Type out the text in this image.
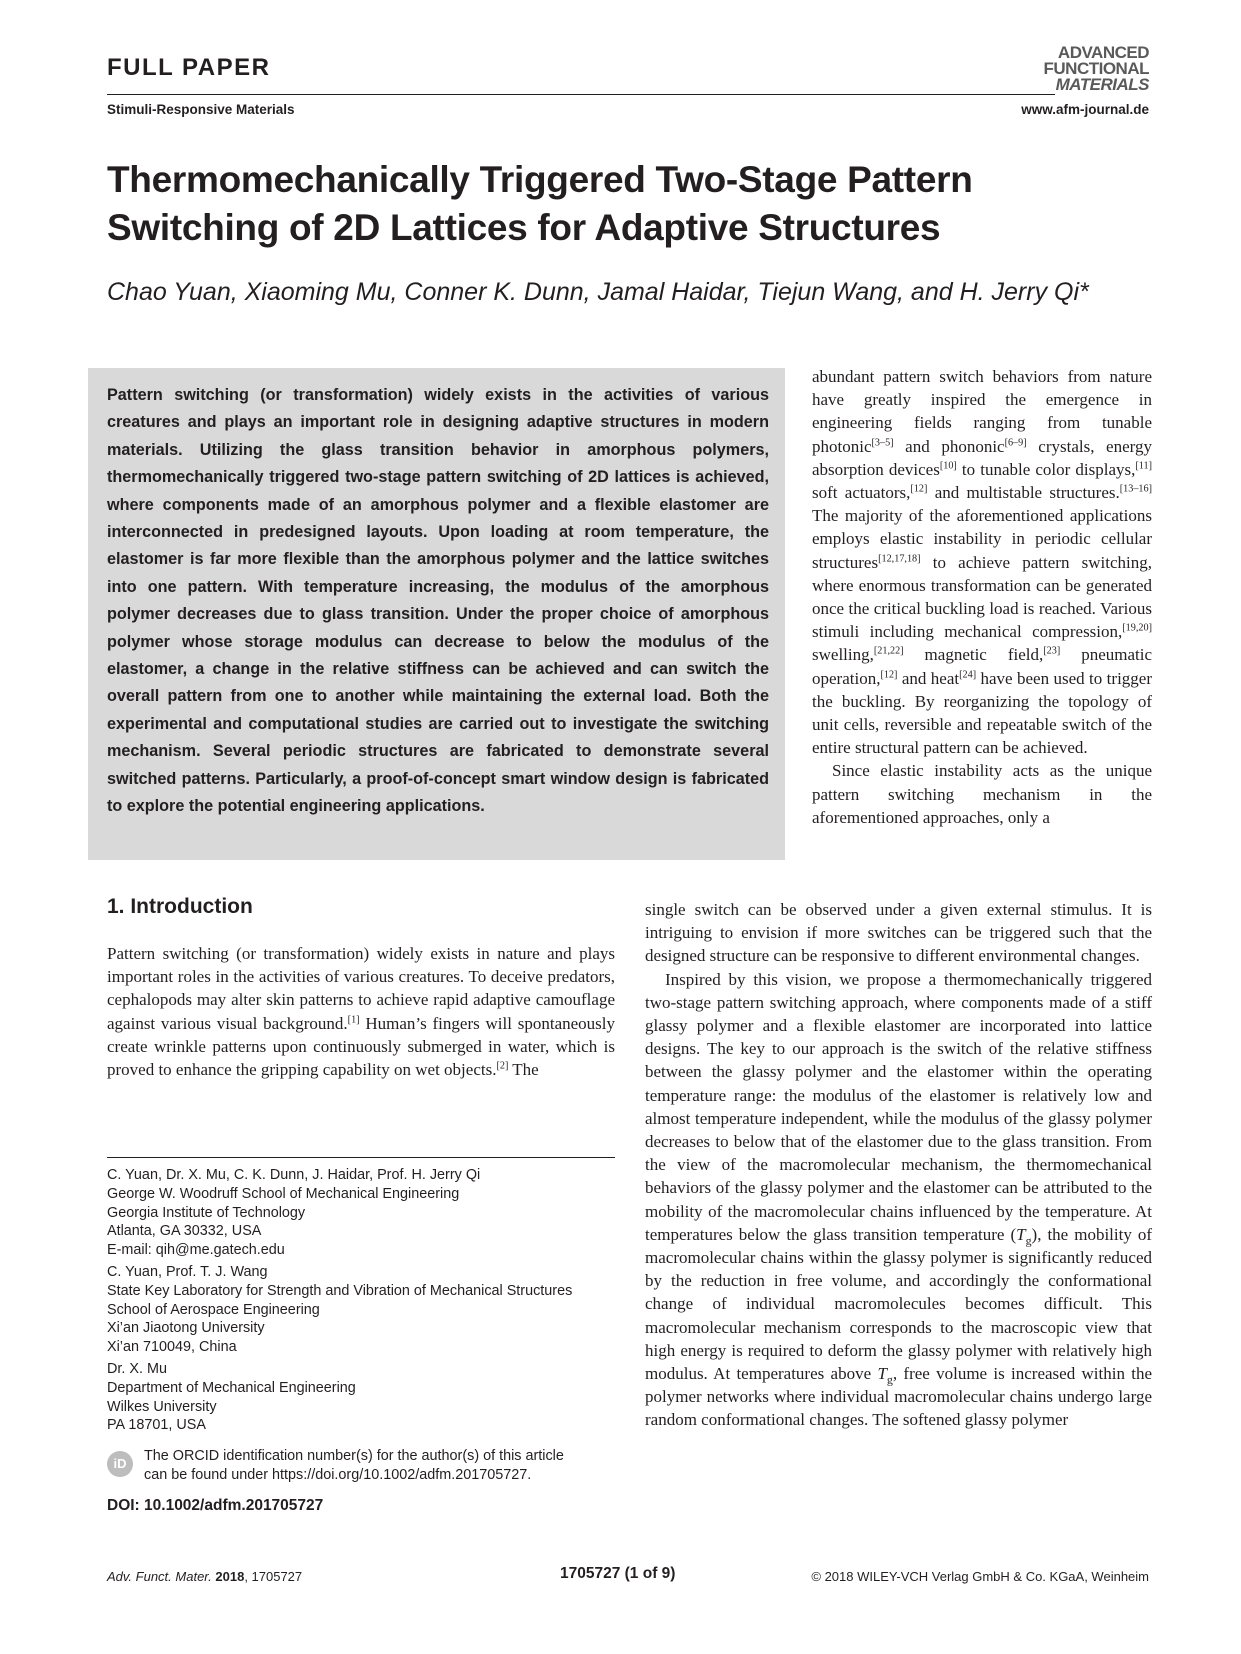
FULL PAPER
Stimuli-Responsive Materials
ADVANCED
FUNCTIONAL
MATERIALS
www.afm-journal.de
Thermomechanically Triggered Two-Stage Pattern Switching of 2D Lattices for Adaptive Structures
Chao Yuan, Xiaoming Mu, Conner K. Dunn, Jamal Haidar, Tiejun Wang, and H. Jerry Qi*
Pattern switching (or transformation) widely exists in the activities of various creatures and plays an important role in designing adaptive structures in modern materials. Utilizing the glass transition behavior in amorphous polymers, thermomechanically triggered two-stage pattern switching of 2D lattices is achieved, where components made of an amorphous polymer and a flexible elastomer are interconnected in predesigned layouts. Upon loading at room temperature, the elastomer is far more flexible than the amorphous polymer and the lattice switches into one pattern. With temperature increasing, the modulus of the amorphous polymer decreases due to glass transition. Under the proper choice of amorphous polymer whose storage modulus can decrease to below the modulus of the elastomer, a change in the relative stiffness can be achieved and can switch the overall pattern from one to another while maintaining the external load. Both the experimental and computational studies are carried out to investigate the switching mechanism. Several periodic structures are fabricated to demonstrate several switched patterns. Particularly, a proof-of-concept smart window design is fabricated to explore the potential engineering applications.
abundant pattern switch behaviors from nature have greatly inspired the emergence in engineering fields ranging from tunable photonic[3–5] and phononic[6–9] crystals, energy absorption devices[10] to tunable color displays,[11] soft actuators,[12] and multistable structures.[13–16] The majority of the aforementioned applications employs elastic instability in periodic cellular structures[12,17,18] to achieve pattern switching, where enormous transformation can be generated once the critical buckling load is reached. Various stimuli including mechanical compression,[19,20] swelling,[21,22] magnetic field,[23] pneumatic operation,[12] and heat[24] have been used to trigger the buckling. By reorganizing the topology of unit cells, reversible and repeatable switch of the entire structural pattern can be achieved.
Since elastic instability acts as the unique pattern switching mechanism in the aforementioned approaches, only a
1. Introduction
Pattern switching (or transformation) widely exists in nature and plays important roles in the activities of various creatures. To deceive predators, cephalopods may alter skin patterns to achieve rapid adaptive camouflage against various visual background.[1] Human’s fingers will spontaneously create wrinkle patterns upon continuously submerged in water, which is proved to enhance the gripping capability on wet objects.[2] The
single switch can be observed under a given external stimulus. It is intriguing to envision if more switches can be triggered such that the designed structure can be responsive to different environmental changes.
Inspired by this vision, we propose a thermomechanically triggered two-stage pattern switching approach, where components made of a stiff glassy polymer and a flexible elastomer are incorporated into lattice designs. The key to our approach is the switch of the relative stiffness between the glassy polymer and the elastomer within the operating temperature range: the modulus of the elastomer is relatively low and almost temperature independent, while the modulus of the glassy polymer decreases to below that of the elastomer due to the glass transition. From the view of the macromolecular mechanism, the thermomechanical behaviors of the glassy polymer and the elastomer can be attributed to the mobility of the macromolecular chains influenced by the temperature. At temperatures below the glass transition temperature $(T_g)$, the mobility of macromolecular chains within the glassy polymer is significantly reduced by the reduction in free volume, and accordingly the conformational change of individual macromolecules becomes difficult. This macromolecular mechanism corresponds to the macroscopic view that high energy is required to deform the glassy polymer with relatively high modulus. At temperatures above $T_g$, free volume is increased within the polymer networks where individual macromolecular chains undergo large random conformational changes. The softened glassy polymer
C. Yuan, Dr. X. Mu, C. K. Dunn, J. Haidar, Prof. H. Jerry Qi
George W. Woodruff School of Mechanical Engineering
Georgia Institute of Technology
Atlanta, GA 30332, USA
E-mail: qih@me.gatech.edu
C. Yuan, Prof. T. J. Wang
State Key Laboratory for Strength and Vibration of Mechanical Structures
School of Aerospace Engineering
Xi’an Jiaotong University
Xi’an 710049, China
Dr. X. Mu
Department of Mechanical Engineering
Wilkes University
PA 18701, USA
iD	The ORCID identification number(s) for the author(s) of this article
can be found under https://doi.org/10.1002/adfm.201705727.
DOI: 10.1002/adfm.201705727
Adv. Funct. Mater. 2018, 1705727	1705727 (1 of 9)	© 2018 WILEY-VCH Verlag GmbH & Co. KGaA, Weinheim
